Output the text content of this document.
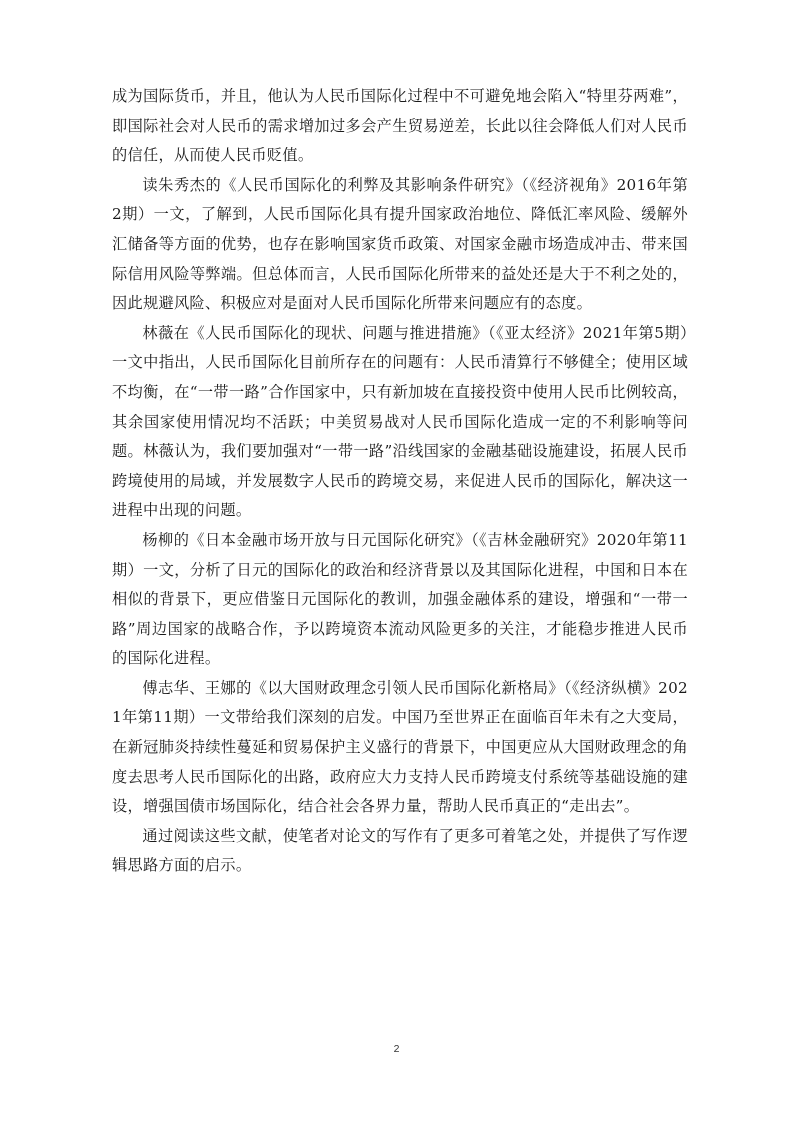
成为国际货币，并且，他认为人民币国际化过程中不可避免地会陷入“特里芬两难”，即国际社会对人民币的需求增加过多会产生贸易逆差，长此以往会降低人们对人民币的信任，从而使人民币贬值。

读朱秀杰的《人民币国际化的利弊及其影响条件研究》（《经济视角》2016年第2期）一文，了解到，人民币国际化具有提升国家政治地位、降低汇率风险、缓解外汇储备等方面的优势，也存在影响国家货币政策、对国家金融市场造成冲击、带来国际信用风险等弊端。但总体而言，人民币国际化所带来的益处还是大于不利之处的，因此规避风险、积极应对是面对人民币国际化所带来问题应有的态度。

林薇在《人民币国际化的现状、问题与推进措施》（《亚太经济》2021年第5期）一文中指出，人民币国际化目前所存在的问题有：人民币清算行不够健全；使用区域不均衡，在“一带一路”合作国家中，只有新加坡在直接投资中使用人民币比例较高，其余国家使用情况均不活跃；中美贸易战对人民币国际化造成一定的不利影响等问题。林薇认为，我们要加强对“一带一路”沿线国家的金融基础设施建设，拓展人民币跨境使用的局域，并发展数字人民币的跨境交易，来促进人民币的国际化，解决这一进程中出现的问题。

杨柳的《日本金融市场开放与日元国际化研究》（《吉林金融研究》2020年第11期）一文，分析了日元的国际化的政治和经济背景以及其国际化进程，中国和日本在相似的背景下，更应借鉴日元国际化的教训，加强金融体系的建设，增强和“一带一路”周边国家的战略合作，予以跨境资本流动风险更多的关注，才能稳步推进人民币的国际化进程。

傅志华、王娜的《以大国财政理念引领人民币国际化新格局》（《经济纵横》2021年第11期）一文带给我们深刻的启发。中国乃至世界正在面临百年未有之大变局，在新冠肺炎持续性蔓延和贸易保护主义盛行的背景下，中国更应从大国财政理念的角度去思考人民币国际化的出路，政府应大力支持人民币跨境支付系统等基础设施的建设，增强国债市场国际化，结合社会各界力量，帮助人民币真正的“走出去”。

通过阅读这些文献，使笔者对论文的写作有了更多可着笔之处，并提供了写作逻辑思路方面的启示。

2
